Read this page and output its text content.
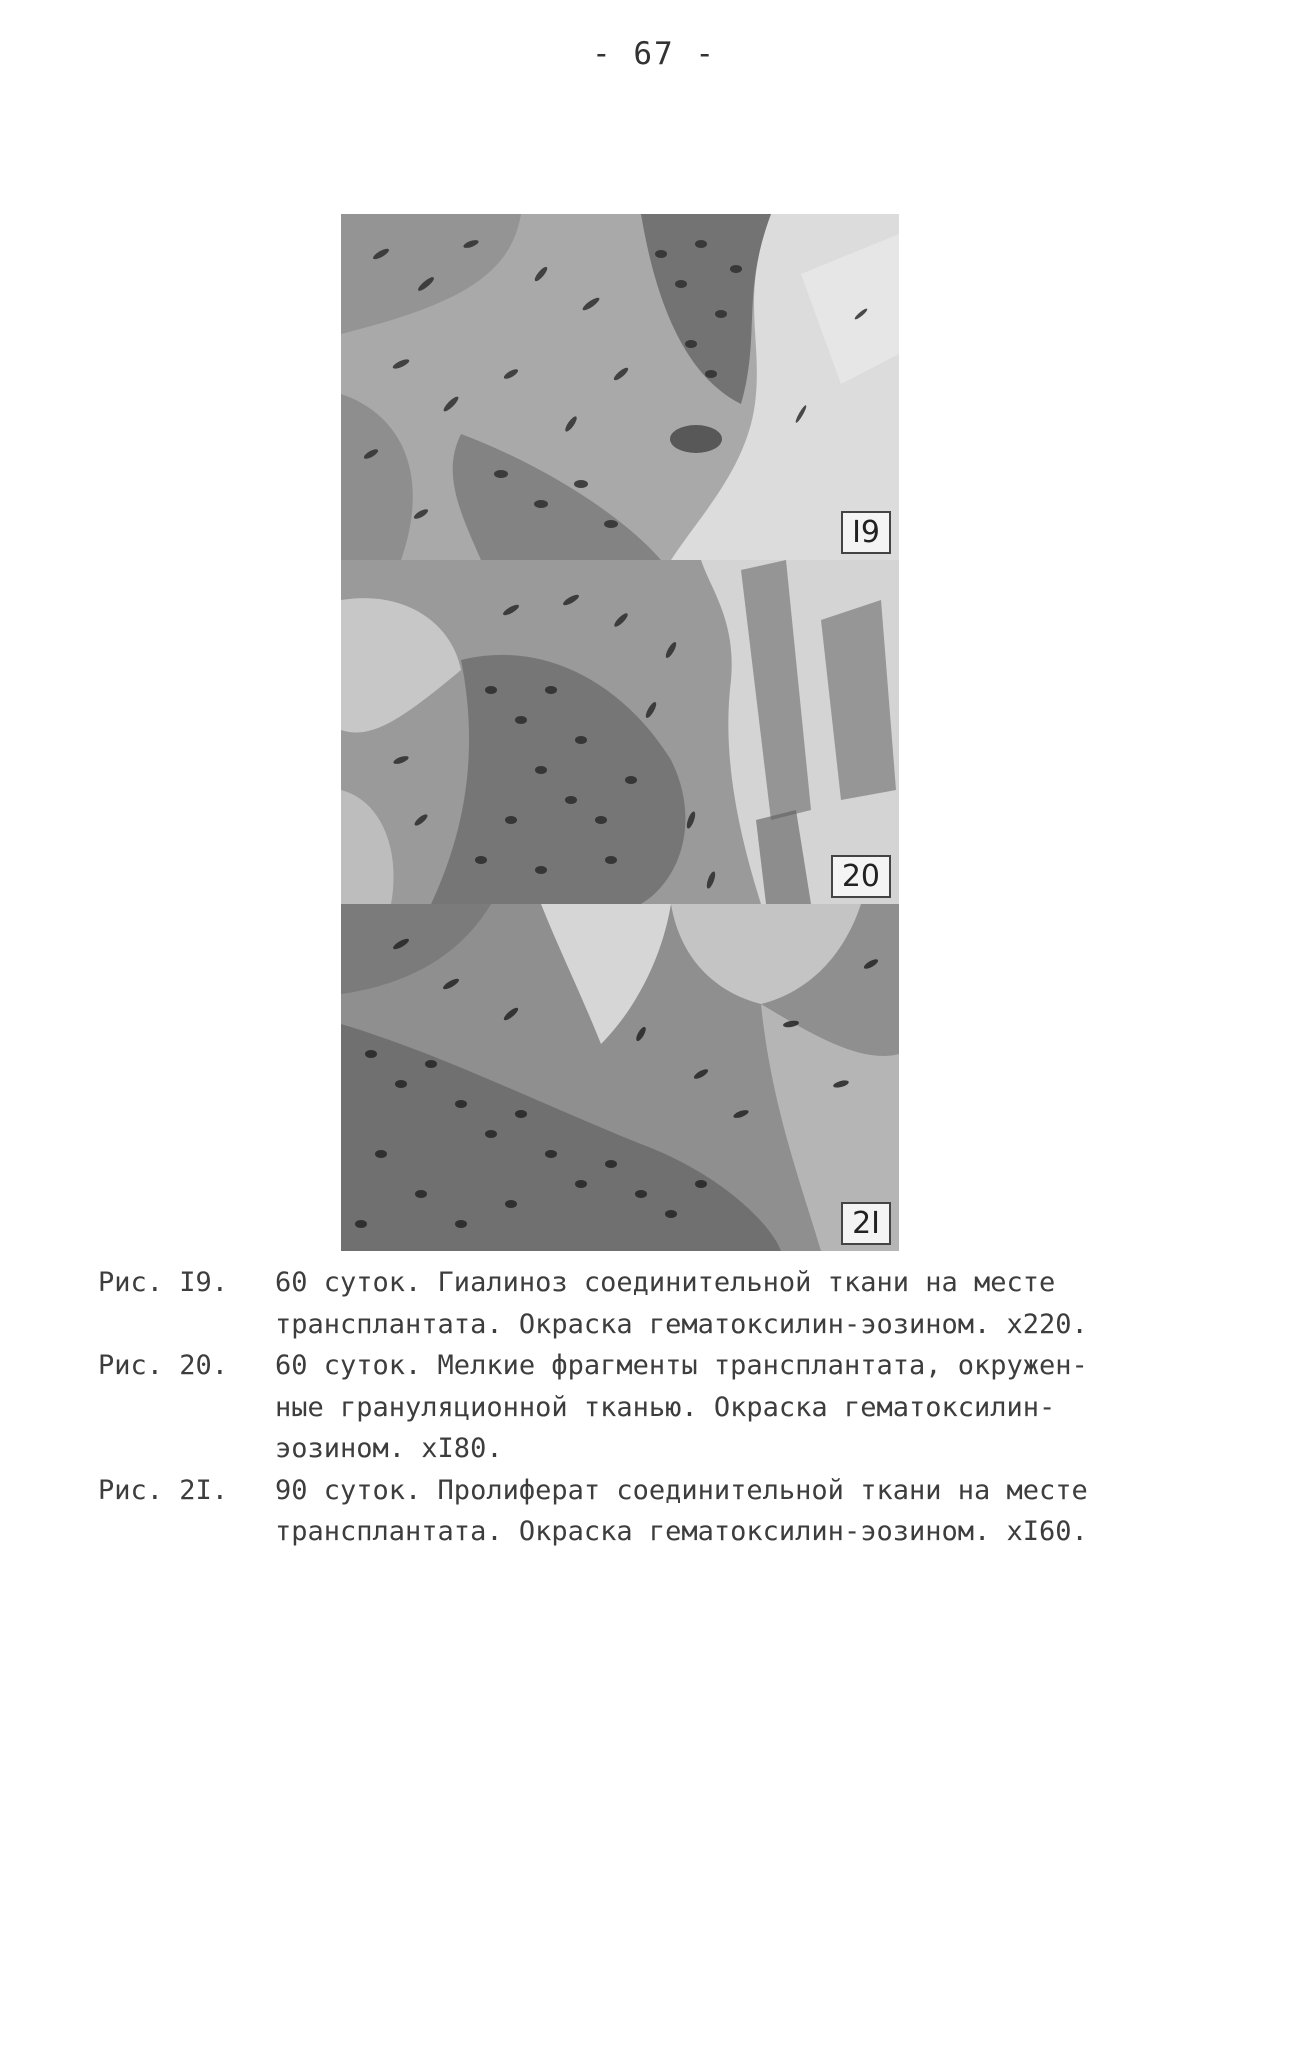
- 67 -
I9
20
2I
Рис. I9.	60 суток. Гиалиноз соединительной ткани на месте
трансплантата. Окраска гематоксилин-эозином. x220.
Рис. 20.	60 суток. Мелкие фрагменты трансплантата, окружен-
ные грануляционной тканью. Окраска гематоксилин-
эозином. xI80.
Рис. 2I.	90 суток. Пролиферат соединительной ткани на месте
трансплантата. Окраска гематоксилин-эозином. xI60.
